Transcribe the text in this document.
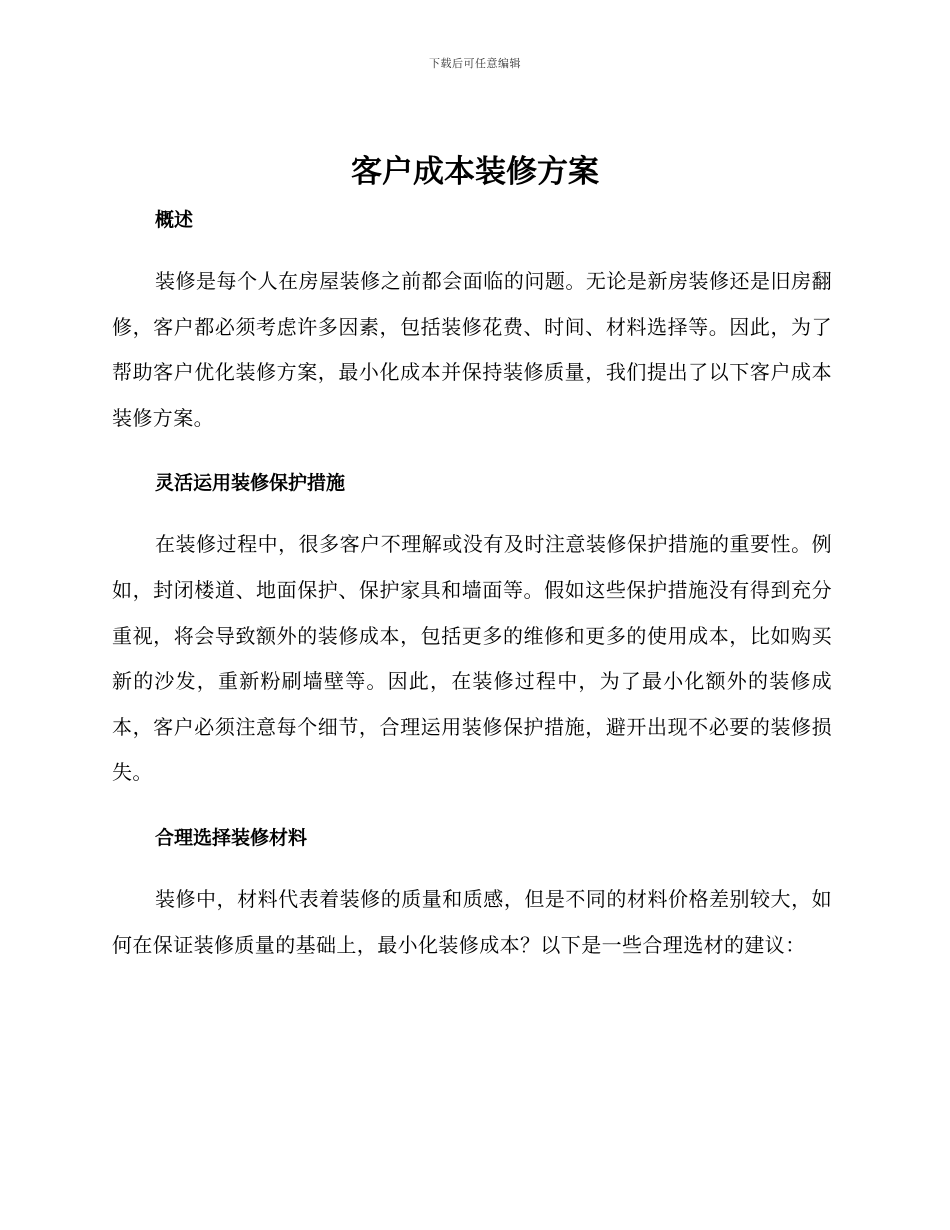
下载后可任意编辑
客户成本装修方案
概述

装修是每个人在房屋装修之前都会面临的问题。无论是新房装修还是旧房翻修，客户都必须考虑许多因素，包括装修花费、时间、材料选择等。因此，为了帮助客户优化装修方案，最小化成本并保持装修质量，我们提出了以下客户成本装修方案。

灵活运用装修保护措施

在装修过程中，很多客户不理解或没有及时注意装修保护措施的重要性。例如，封闭楼道、地面保护、保护家具和墙面等。假如这些保护措施没有得到充分重视，将会导致额外的装修成本，包括更多的维修和更多的使用成本，比如购买新的沙发，重新粉刷墙壁等。因此，在装修过程中，为了最小化额外的装修成本，客户必须注意每个细节，合理运用装修保护措施，避开出现不必要的装修损失。

合理选择装修材料

装修中，材料代表着装修的质量和质感，但是不同的材料价格差别较大，如何在保证装修质量的基础上，最小化装修成本？以下是一些合理选材的建议：
